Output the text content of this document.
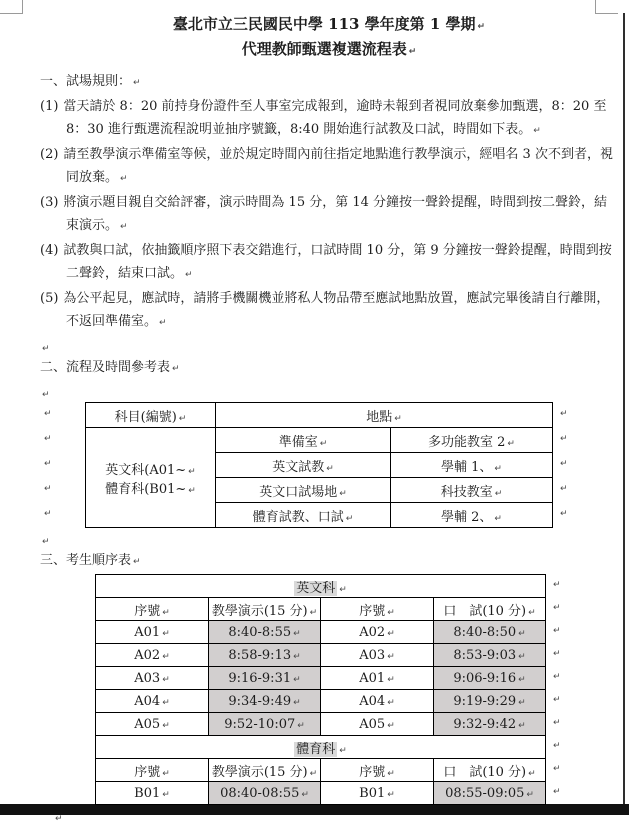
臺北市立三民國民中學 113 學年度第 1 學期 ↵
代理教師甄選複選流程表 ↵
一、試場規則： ↵
(1) 當天請於 8：20 前持身份證件至人事室完成報到，逾時未報到者視同放棄參加甄選，8：20 至 8：30 進行甄選流程說明並抽序號籤，8:40 開始進行試教及口試，時間如下表。 ↵
(2) 請至教學演示準備室等候，並於規定時間內前往指定地點進行教學演示，經唱名 3 次不到者，視同放棄。 ↵
(3) 將演示題目親自交給評審，演示時間為 15 分，第 14 分鐘按一聲鈴提醒，時間到按二聲鈴，結束演示。 ↵
(4) 試教與口試，依抽籤順序照下表交錯進行，口試時間 10 分，第 9 分鐘按一聲鈴提醒，時間到按二聲鈴，結束口試。 ↵
(5) 為公平起見，應試時，請將手機關機並將私人物品帶至應試地點放置，應試完畢後請自行離開，不返回準備室。 ↵
↵
二、流程及時間參考表 ↵
↵
↵
↵
↵
↵
↵
科目(編號) ↵	地點 ↵	

英文科(A01~ ↵
體育科(B01~ ↵	準備室 ↵	多功能教室 2 ↵
	英文試教 ↵	學輔 1、 ↵
	英文口試場地 ↵	科技教室 ↵
	體育試教、口試 ↵	學輔 2、 ↵
↵
↵
↵
↵
↵
↵
三、考生順序表 ↵
英文科 ↵			
序號 ↵	教學演示(15 分) ↵	序號 ↵	口　試(10 分) ↵
A01 ↵	8:40-8:55 ↵	A02 ↵	8:40-8:50 ↵
A02 ↵	8:58-9:13 ↵	A03 ↵	8:53-9:03 ↵
A03 ↵	9:16-9:31 ↵	A01 ↵	9:06-9:16 ↵
A04 ↵	9:34-9:49 ↵	A04 ↵	9:19-9:29 ↵
A05 ↵	9:52-10:07 ↵	A05 ↵	9:32-9:42 ↵
體育科 ↵			
序號 ↵	教學演示(15 分) ↵	序號 ↵	口　試(10 分) ↵
B01 ↵	08:40-08:55 ↵	B01 ↵	08:55-09:05 ↵
↵
↵
↵
↵
↵
↵
↵
↵
↵
↵
↵
